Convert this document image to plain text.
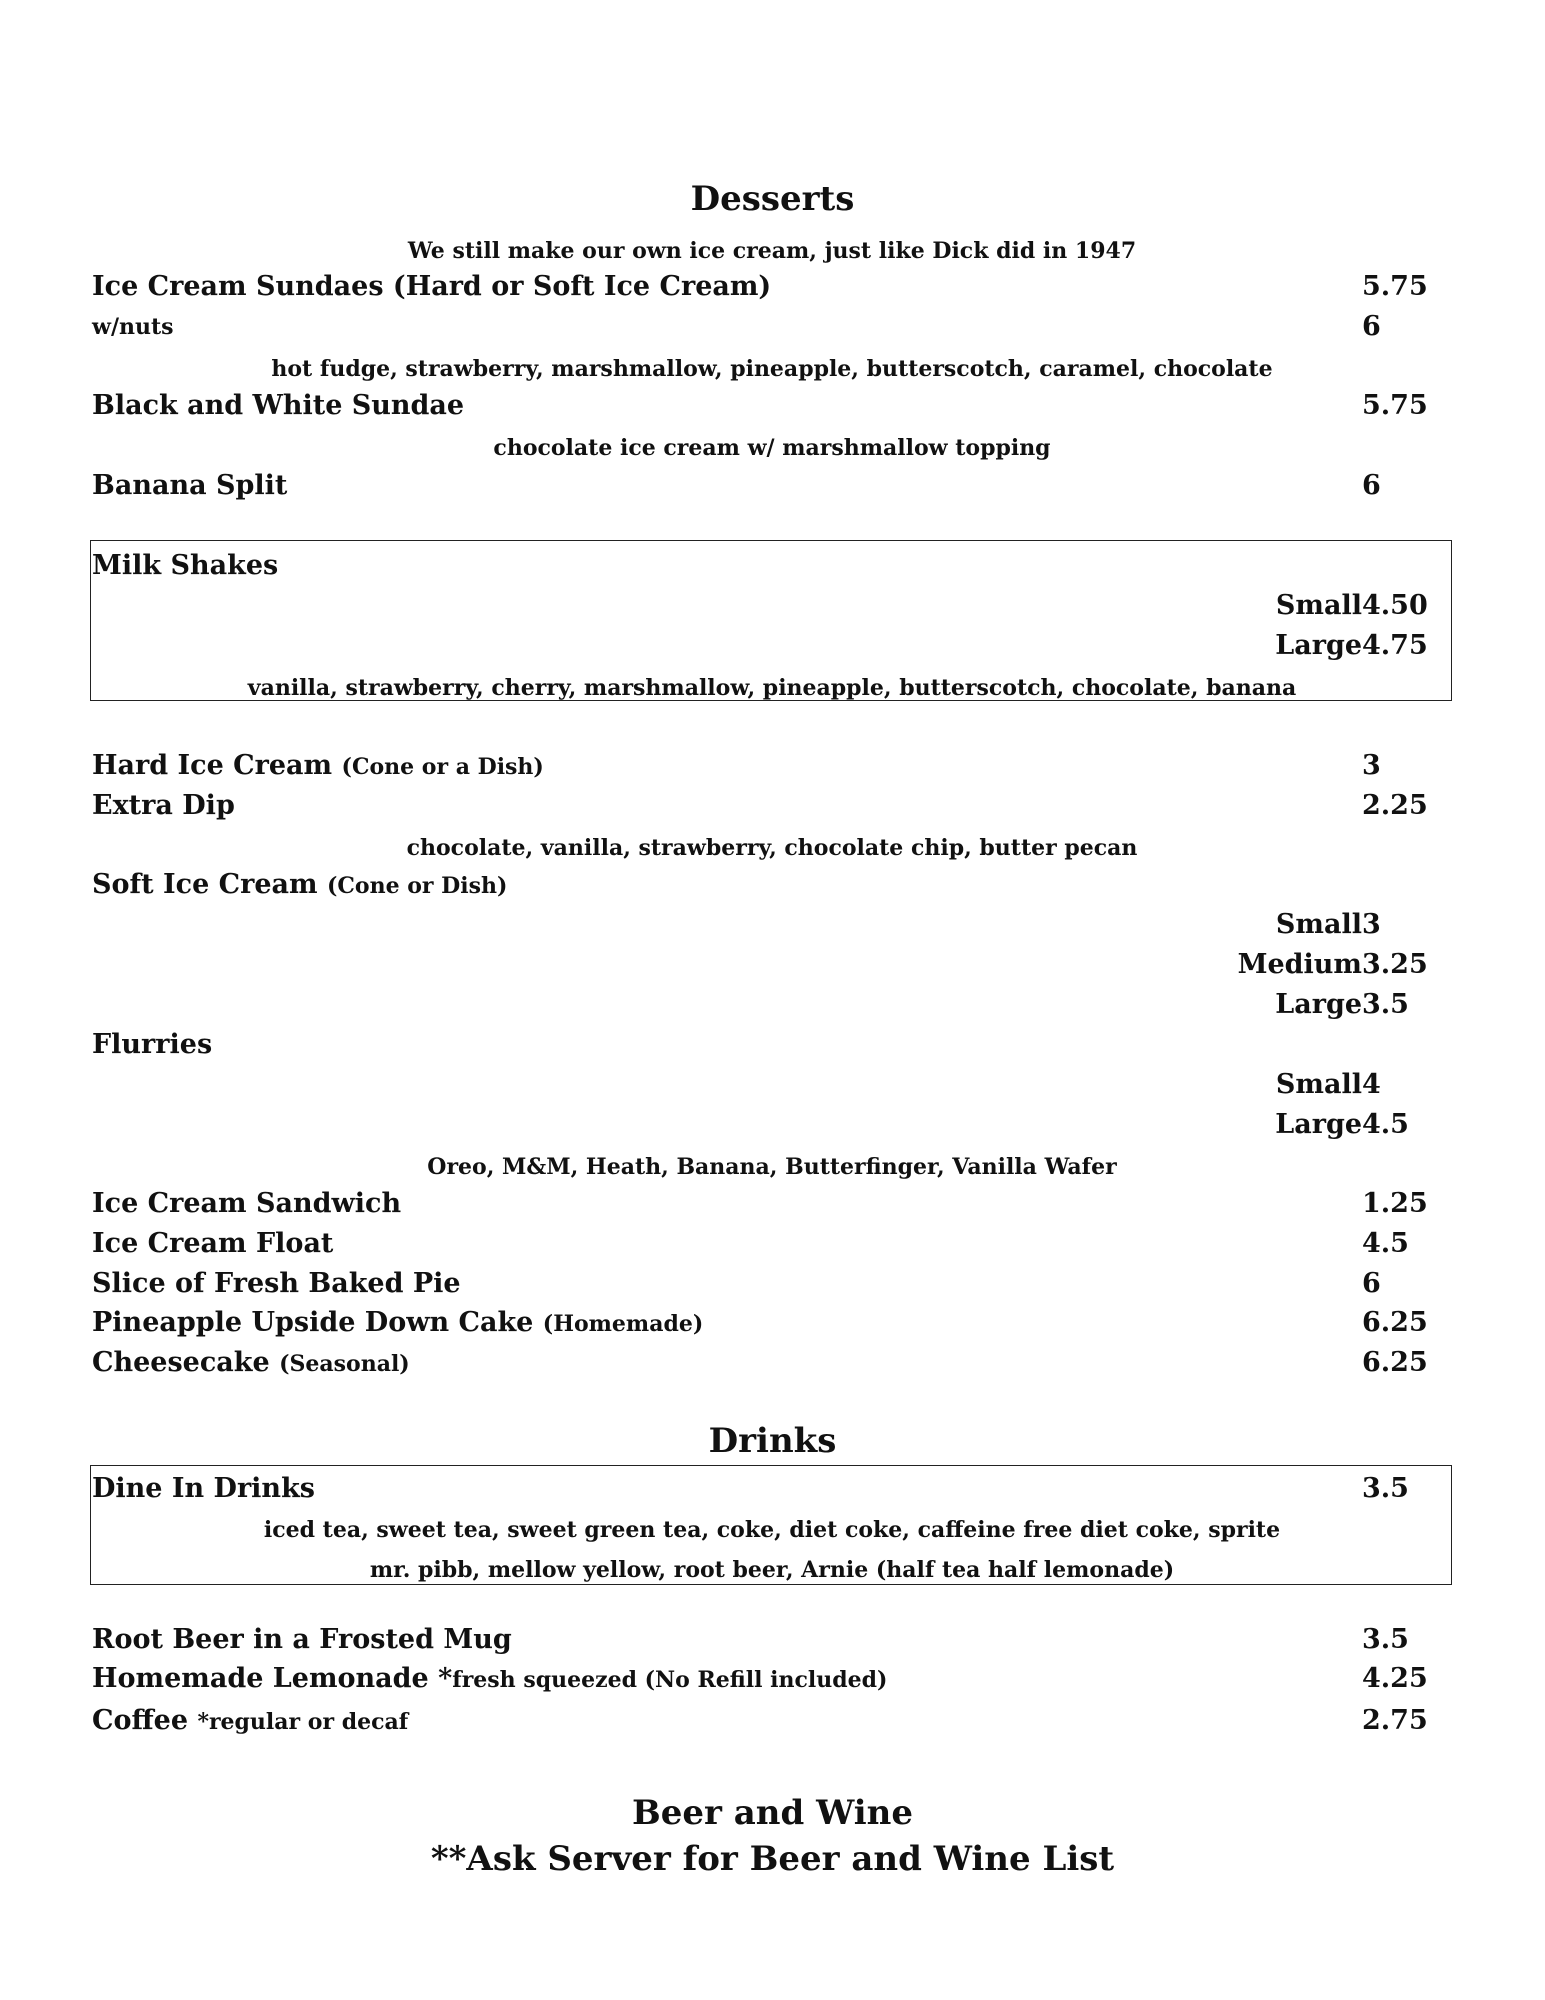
Desserts
We still make our own ice cream, just like Dick did in 1947
Ice Cream Sundaes (Hard or Soft Ice Cream)	5.75
w/nuts	6
hot fudge, strawberry, marshmallow, pineapple, butterscotch, caramel, chocolate
Black and White Sundae	5.75
chocolate ice cream w/ marshmallow topping
Banana Split	6
Milk Shakes
Small 4.50
Large 4.75
vanilla, strawberry, cherry, marshmallow, pineapple, butterscotch, chocolate, banana
Hard Ice Cream (Cone or a Dish)	3
Extra Dip	2.25
chocolate, vanilla, strawberry, chocolate chip, butter pecan
Soft Ice Cream (Cone or Dish)
Small 3
Medium 3.25
Large 3.5
Flurries
Small 4
Large 4.5
Oreo, M&M, Heath, Banana, Butterfinger, Vanilla Wafer
Ice Cream Sandwich	1.25
Ice Cream Float	4.5
Slice of Fresh Baked Pie	6
Pineapple Upside Down Cake (Homemade)	6.25
Cheesecake (Seasonal)	6.25
Drinks
Dine In Drinks	3.5
iced tea, sweet tea, sweet green tea, coke, diet coke, caffeine free diet coke, sprite
mr. pibb, mellow yellow, root beer, Arnie (half tea half lemonade)
Root Beer in a Frosted Mug	3.5
Homemade Lemonade *fresh squeezed (No Refill included)	4.25
Coffee *regular or decaf	2.75
Beer and Wine
**Ask Server for Beer and Wine List
